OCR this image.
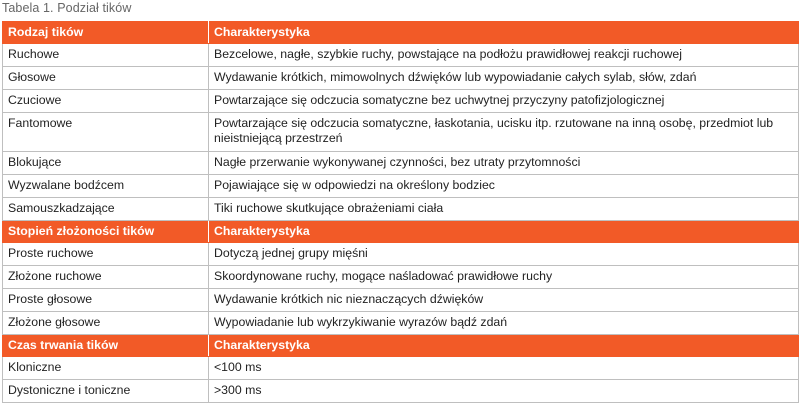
Tabela 1. Podział tików
Rodzaj tików	Charakterystyka
Ruchowe	Bezcelowe, nagłe, szybkie ruchy, powstające na podłożu prawidłowej reakcji ruchowej
Głosowe	Wydawanie krótkich, mimowolnych dźwięków lub wypowiadanie całych sylab, słów, zdań
Czuciowe	Powtarzające się odczucia somatyczne bez uchwytnej przyczyny patofizjologicznej
Fantomowe	Powtarzające się odczucia somatyczne, łaskotania, ucisku itp. rzutowane na inną osobę, przedmiot lub nieistniejącą przestrzeń
Blokujące	Nagłe przerwanie wykonywanej czynności, bez utraty przytomności
Wyzwalane bodźcem	Pojawiające się w odpowiedzi na określony bodziec
Samouszkadzające	Tiki ruchowe skutkujące obrażeniami ciała
Stopień złożoności tików	Charakterystyka
Proste ruchowe	Dotyczą jednej grupy mięśni
Złożone ruchowe	Skoordynowane ruchy, mogące naśladować prawidłowe ruchy
Proste głosowe	Wydawanie krótkich nic nieznaczących dźwięków
Złożone głosowe	Wypowiadanie lub wykrzykiwanie wyrazów bądź zdań
Czas trwania tików	Charakterystyka
Kloniczne	<100 ms
Dystoniczne i toniczne	>300 ms
